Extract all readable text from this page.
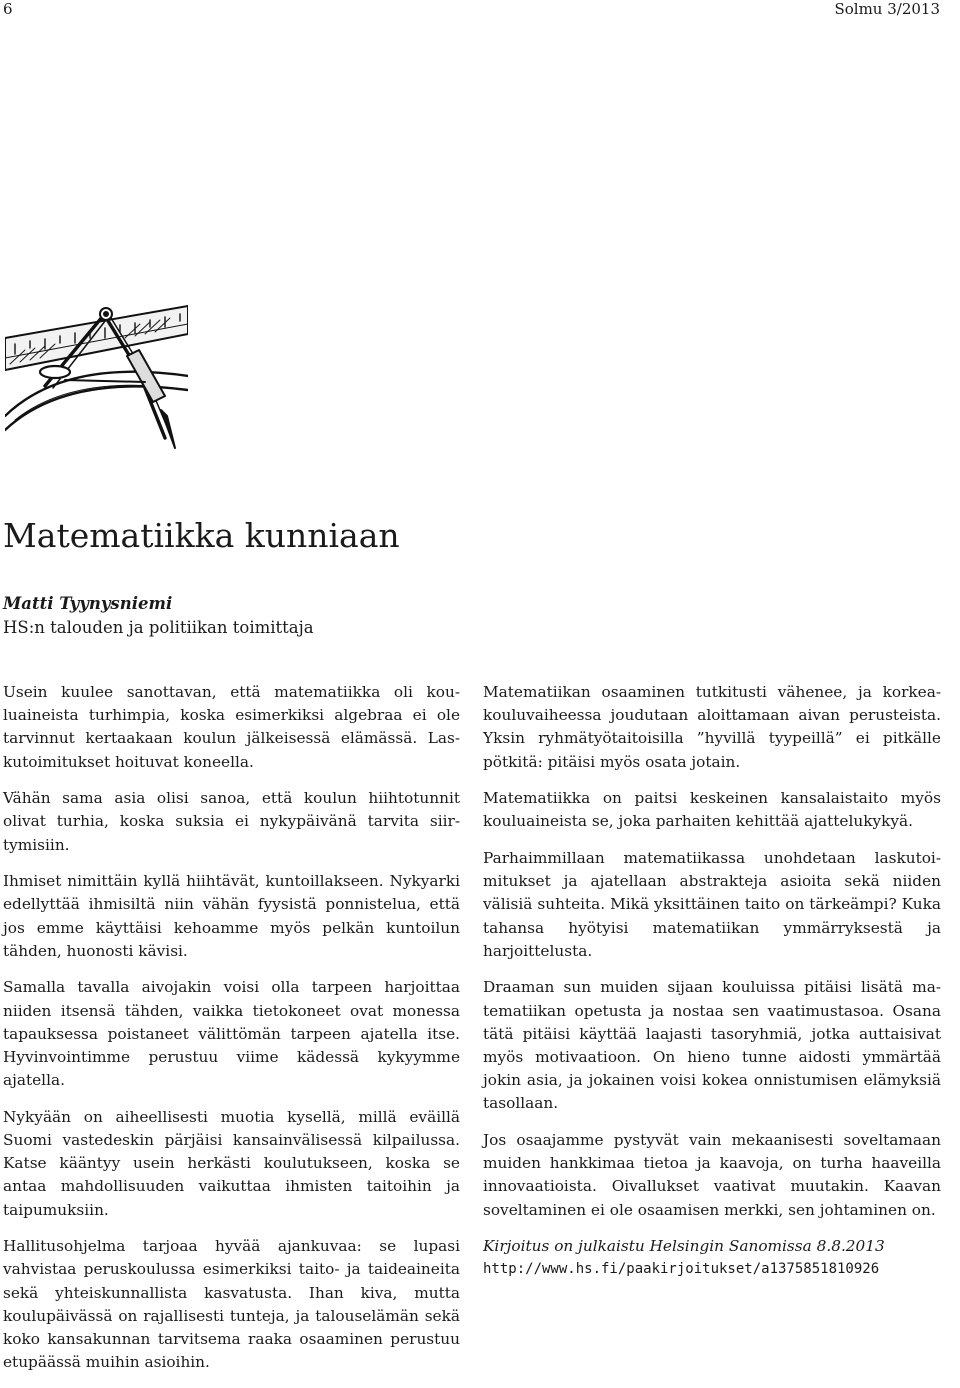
6	Solmu 3/2013
Matematiikka kunniaan
Matti Tyynysniemi
HS:n talouden ja politiikan toimittaja

Usein kuulee sanottavan, että matematiikka oli kouluaineista turhimpia, koska esimerkiksi algebraa ei ole tarvinnut kertaakaan koulun jälkeisessä elämässä. Laskutoimitukset hoituvat koneella.

Vähän sama asia olisi sanoa, että koulun hiihtotunnit olivat turhia, koska suksia ei nykypäivänä tarvita siirtymisiin.

Ihmiset nimittäin kyllä hiihtävät, kuntoillakseen. Nykyarki edellyttää ihmisiltä niin vähän fyysistä ponnistelua, että jos emme käyttäisi kehoamme myös pelkän kuntoilun tähden, huonosti kävisi.

Samalla tavalla aivojakin voisi olla tarpeen harjoittaa niiden itsensä tähden, vaikka tietokoneet ovat monessa tapauksessa poistaneet välittömän tarpeen ajatella itse. Hyvinvointimme perustuu viime kädessä kykyymme ajatella.

Nykyään on aiheellisesti muotia kysellä, millä eväillä Suomi vastedeskin pärjäisi kansainvälisessä kilpailussa. Katse kääntyy usein herkästi koulutukseen, koska se antaa mahdollisuuden vaikuttaa ihmisten taitoihin ja taipumuksiin.

Hallitusohjelma tarjoaa hyvää ajankuvaa: se lupasi vahvistaa peruskoulussa esimerkiksi taito- ja taideaineita sekä yhteiskunnallista kasvatusta. Ihan kiva, mutta koulupäivässä on rajallisesti tunteja, ja talouselämän sekä koko kansakunnan tarvitsema raaka osaaminen perustuu etupäässä muihin asioihin.

Matematiikan osaaminen tutkitusti vähenee, ja korkeakouluvaiheessa joudutaan aloittamaan aivan perusteista. Yksin ryhmätyötaitoisilla ”hyvillä tyypeillä” ei pitkälle pötkitä: pitäisi myös osata jotain.

Matematiikka on paitsi keskeinen kansalaistaito myös kouluaineista se, joka parhaiten kehittää ajattelukykyä.

Parhaimmillaan matematiikassa unohdetaan laskutoimitukset ja ajatellaan abstrakteja asioita sekä niiden välisiä suhteita. Mikä yksittäinen taito on tärkeämpi? Kuka tahansa hyötyisi matematiikan ymmärryksestä ja harjoittelusta.

Draaman sun muiden sijaan kouluissa pitäisi lisätä matematiikan opetusta ja nostaa sen vaatimustasoa. Osana tätä pitäisi käyttää laajasti tasoryhmiä, jotka auttaisivat myös motivaatioon. On hieno tunne aidosti ymmärtää jokin asia, ja jokainen voisi kokea onnistumisen elämyksiä tasollaan.

Jos osaajamme pystyvät vain mekaanisesti soveltamaan muiden hankkimaa tietoa ja kaavoja, on turha haaveilla innovaatioista. Oivallukset vaativat muutakin. Kaavan soveltaminen ei ole osaamisen merkki, sen johtaminen on.

Kirjoitus on julkaistu Helsingin Sanomissa 8.8.2013
http://www.hs.fi/paakirjoitukset/a1375851810926
